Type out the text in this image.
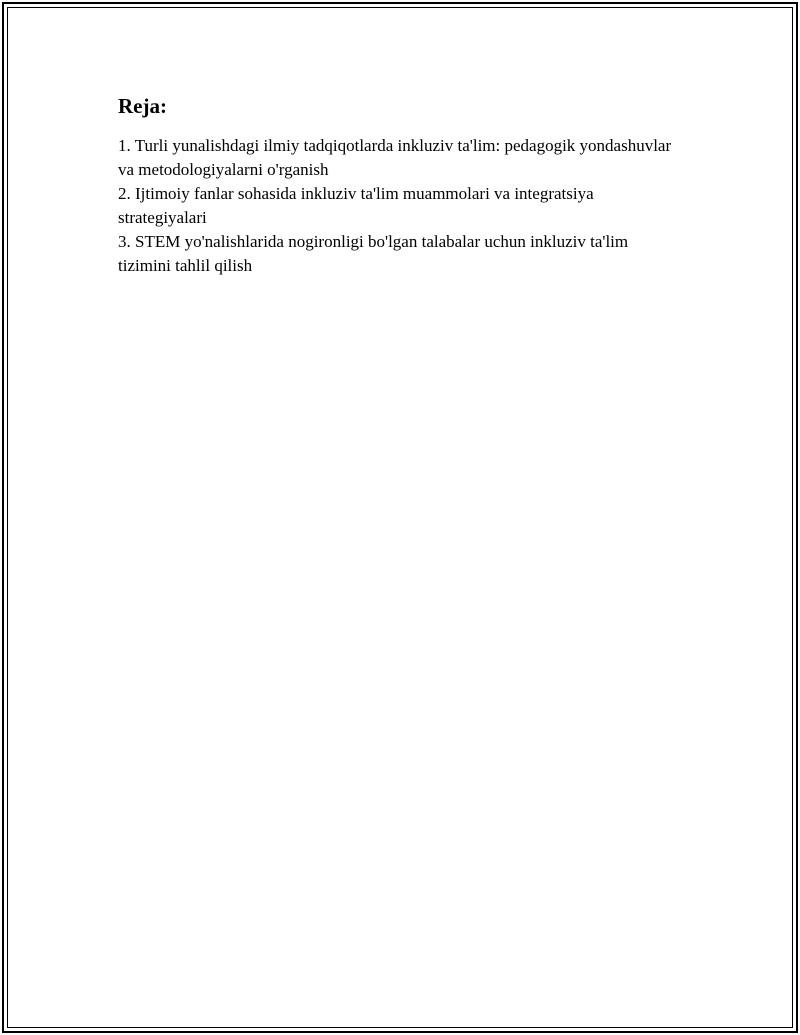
Reja:
1. Turli yunalishdagi ilmiy tadqiqotlarda inkluziv ta'lim: pedagogik yondashuvlar va metodologiyalarni o'rganish
2. Ijtimoiy fanlar sohasida inkluziv ta'lim muammolari va integratsiya strategiyalari
3. STEM yo'nalishlarida nogironligi bo'lgan talabalar uchun inkluziv ta'lim tizimini tahlil qilish
